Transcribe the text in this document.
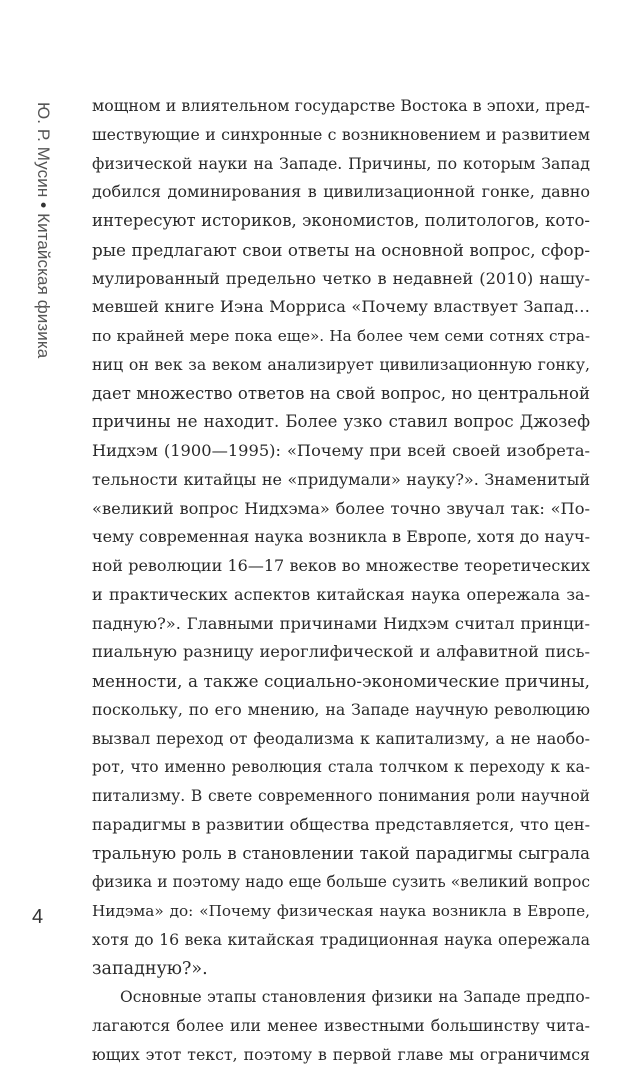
Ю. Р. Мусин • Китайская физика
4
мощном и влиятельном государстве Востока в эпохи, пред-
шествующие и синхронные с возникновением и развитием
физической науки на Западе. Причины, по которым Запад
добился доминирования в цивилизационной гонке, давно
интересуют историков, экономистов, политологов, кото-
рые предлагают свои ответы на основной вопрос, сфор-
мулированный предельно четко в недавней (2010) нашу-
мевшей книге Иэна Морриса «Почему властвует Запад…
по крайней мере пока еще». На более чем семи сотнях стра-
ниц он век за веком анализирует цивилизационную гонку,
дает множество ответов на свой вопрос, но центральной
причины не находит. Более узко ставил вопрос Джозеф
Нидхэм (1900—1995): «Почему при всей своей изобрета-
тельности китайцы не «придумали» науку?». Знаменитый
«великий вопрос Нидхэма» более точно звучал так: «По-
чему современная наука возникла в Европе, хотя до науч-
ной революции 16—17 веков во множестве теоретических
и практических аспектов китайская наука опережала за-
падную?». Главными причинами Нидхэм считал принци-
пиальную разницу иероглифической и алфавитной пись-
менности, а также социально-экономические причины,
поскольку, по его мнению, на Западе научную революцию
вызвал переход от феодализма к капитализму, а не наобо-
рот, что именно революция стала толчком к переходу к ка-
питализму. В свете современного понимания роли научной
парадигмы в развитии общества представляется, что цен-
тральную роль в становлении такой парадигмы сыграла
физика и поэтому надо еще больше сузить «великий вопрос
Нидэма» до: «Почему физическая наука возникла в Европе,
хотя до 16 века китайская традиционная наука опережала
западную?».
Основные этапы становления физики на Западе предпо-
лагаются более или менее известными большинству чита-
ющих этот текст, поэтому в первой главе мы ограничимся
